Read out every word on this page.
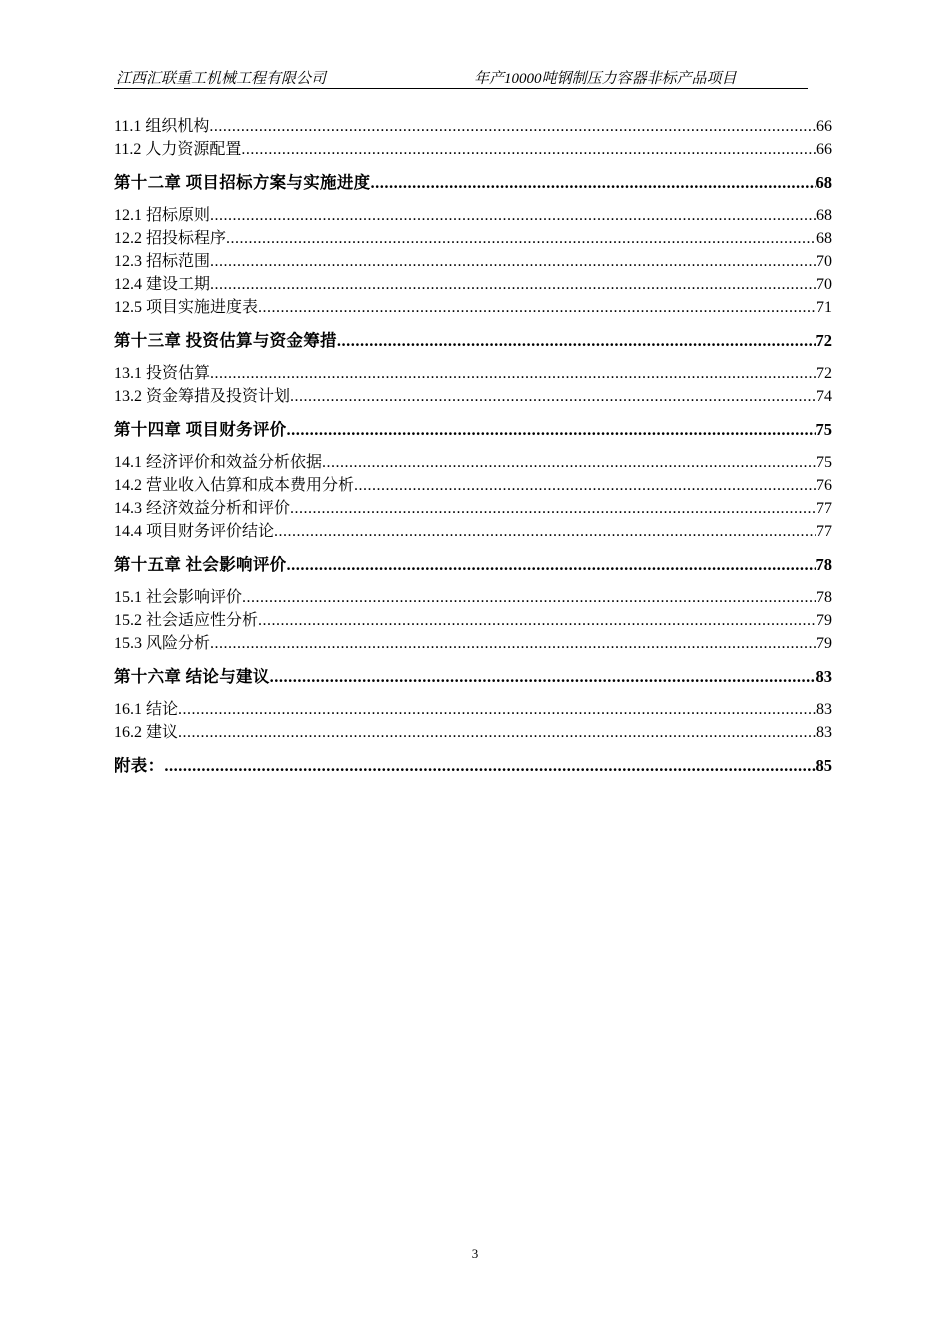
江西汇联重工机械工程有限公司	年产10000吨钢制压力容器非标产品项目
11.1 组织机构 .....	66
11.2 人力资源配置 .....	66
第十二章 项目招标方案与实施进度 .....	68
12.1 招标原则 .....	68
12.2 招投标程序 .....	68
12.3 招标范围 .....	70
12.4 建设工期 .....	70
12.5 项目实施进度表 .....	71
第十三章 投资估算与资金筹措 .....	72
13.1 投资估算 .....	72
13.2 资金筹措及投资计划 .....	74
第十四章 项目财务评价 .....	75
14.1 经济评价和效益分析依据 .....	75
14.2 营业收入估算和成本费用分析 .....	76
14.3 经济效益分析和评价 .....	77
14.4 项目财务评价结论 .....	77
第十五章 社会影响评价 .....	78
15.1 社会影响评价 .....	78
15.2 社会适应性分析 .....	79
15.3 风险分析 .....	79
第十六章 结论与建议 .....	83
16.1 结论 .....	83
16.2 建议 .....	83
附表： .....	85
3
